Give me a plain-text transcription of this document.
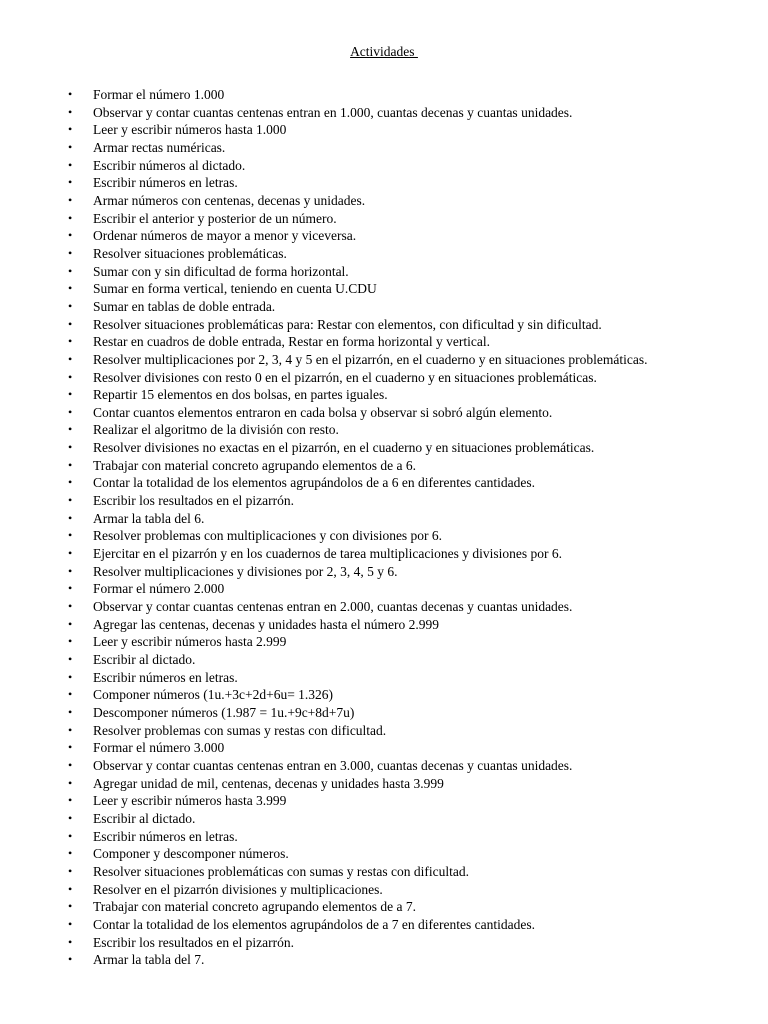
Actividades
• Formar el número 1.000
• Observar y contar cuantas centenas entran en 1.000, cuantas decenas y cuantas unidades.
• Leer y escribir números hasta 1.000
• Armar rectas numéricas.
• Escribir números al dictado.
• Escribir números en letras.
• Armar números con centenas, decenas y unidades.
• Escribir el anterior y posterior de un número.
• Ordenar números de mayor a menor y viceversa.
• Resolver situaciones problemáticas.
• Sumar con y sin dificultad de forma horizontal.
• Sumar en forma vertical, teniendo en cuenta U.CDU
• Sumar en tablas de doble entrada.
• Resolver situaciones problemáticas para: Restar con elementos, con dificultad y sin dificultad.
• Restar en cuadros de doble entrada, Restar en forma horizontal y vertical.
• Resolver multiplicaciones por 2, 3, 4 y 5 en el pizarrón, en el cuaderno y en situaciones problemáticas.
• Resolver divisiones con resto 0 en el pizarrón, en el cuaderno y en situaciones problemáticas.
• Repartir 15 elementos en dos bolsas, en partes iguales.
• Contar cuantos elementos entraron en cada bolsa y observar si sobró algún elemento.
• Realizar el algoritmo de la división con resto.
• Resolver divisiones no exactas en el pizarrón, en el cuaderno y en situaciones problemáticas.
• Trabajar con material concreto agrupando elementos de a 6.
• Contar la totalidad de los elementos agrupándolos de a 6 en diferentes cantidades.
• Escribir los resultados en el pizarrón.
• Armar la tabla del 6.
• Resolver problemas con multiplicaciones y con divisiones por 6.
• Ejercitar en el pizarrón y en los cuadernos de tarea multiplicaciones y divisiones por 6.
• Resolver multiplicaciones y divisiones por 2, 3, 4, 5 y 6.
• Formar el número 2.000
• Observar y contar cuantas centenas entran en 2.000, cuantas decenas y cuantas unidades.
• Agregar las centenas, decenas y unidades hasta el número 2.999
• Leer y escribir números hasta 2.999
• Escribir al dictado.
• Escribir números en letras.
• Componer números (1u.+3c+2d+6u= 1.326)
• Descomponer números (1.987 = 1u.+9c+8d+7u)
• Resolver problemas con sumas y restas con dificultad.
• Formar el número 3.000
• Observar y contar cuantas centenas entran en 3.000, cuantas decenas y cuantas unidades.
• Agregar unidad de mil, centenas, decenas y unidades hasta 3.999
• Leer y escribir números hasta 3.999
• Escribir al dictado.
• Escribir números en letras.
• Componer y descomponer números.
• Resolver situaciones problemáticas con sumas y restas con dificultad.
• Resolver en el pizarrón divisiones y multiplicaciones.
• Trabajar con material concreto agrupando elementos de a 7.
• Contar la totalidad de los elementos agrupándolos de a 7 en diferentes cantidades.
• Escribir los resultados en el pizarrón.
• Armar la tabla del 7.
